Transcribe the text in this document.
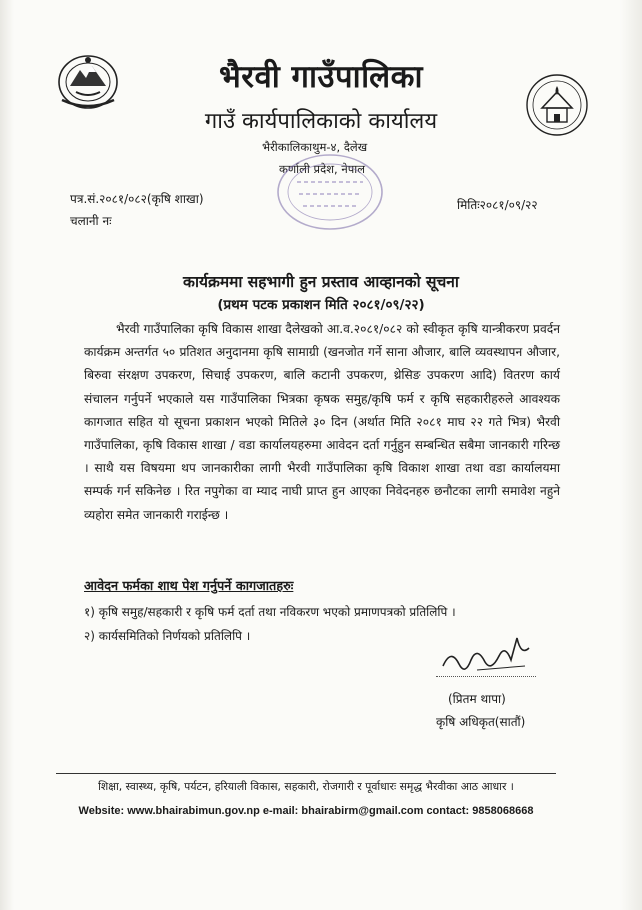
भैरवी गाउँपालिका
गाउँ कार्यपालिकाको कार्यालय
भैरीकालिकाथुम-४, दैलेख
कर्णाली प्रदेश, नेपाल
पत्र.सं.२०८१/०८२(कृषि शाखा)
चलानी नः
मितिः२०८१/०९/२२
कार्यक्रममा सहभागी हुन प्रस्ताव आव्हानको सूचना
(प्रथम पटक प्रकाशन मिति २०८१/०९/२२)
भैरवी गाउँपालिका कृषि विकास शाखा दैलेखको आ.व.२०८१/०८२ को स्वीकृत कृषि यान्त्रीकरण प्रवर्दन कार्यक्रम अन्तर्गत ५० प्रतिशत अनुदानमा कृषि सामाग्री (खनजोत गर्ने साना औजार, बालि व्यवस्थापन औजार, बिरुवा संरक्षण उपकरण, सिचाई उपकरण, बालि कटानी उपकरण, थ्रेसिङ उपकरण आदि) वितरण कार्य संचालन गर्नुपर्ने भएकाले यस गाउँपालिका भित्रका कृषक समुह/कृषि फर्म र कृषि सहकारीहरुले आवश्यक कागजात सहित यो सूचना प्रकाशन भएको मितिले ३० दिन (अर्थात मिति २०८१ माघ २२ गते भित्र) भैरवी गाउँपालिका, कृषि विकास शाखा / वडा कार्यालयहरुमा आवेदन दर्ता गर्नुहुन सम्बन्धित सबैमा जानकारी गरिन्छ । साथै यस विषयमा थप जानकारीका लागी भैरवी गाउँपालिका कृषि विकाश शाखा तथा वडा कार्यालयमा सम्पर्क गर्न सकिनेछ । रित नपुगेका वा म्याद नाघी प्राप्त हुन आएका निवेदनहरु छनौटका लागी समावेश नहुने व्यहोरा समेत जानकारी गराईन्छ ।
आवेदन फर्मका शाथ पेश गर्नुपर्ने कागजातहरुः
१) कृषि समुह/सहकारी र कृषि फर्म दर्ता तथा नविकरण भएको प्रमाणपत्रको प्रतिलिपि ।
२) कार्यसमितिको निर्णयको प्रतिलिपि ।
(प्रितम थापा)
कृषि अधिकृत(सातौं)
शिक्षा, स्वास्थ्य, कृषि, पर्यटन, हरियाली विकास, सहकारी, रोजगारी र पूर्वाधारः समृद्ध भैरवीका आठ आधार ।
Website: www.bhairabimun.gov.np e-mail: bhairabirm@gmail.com contact: 9858068668
